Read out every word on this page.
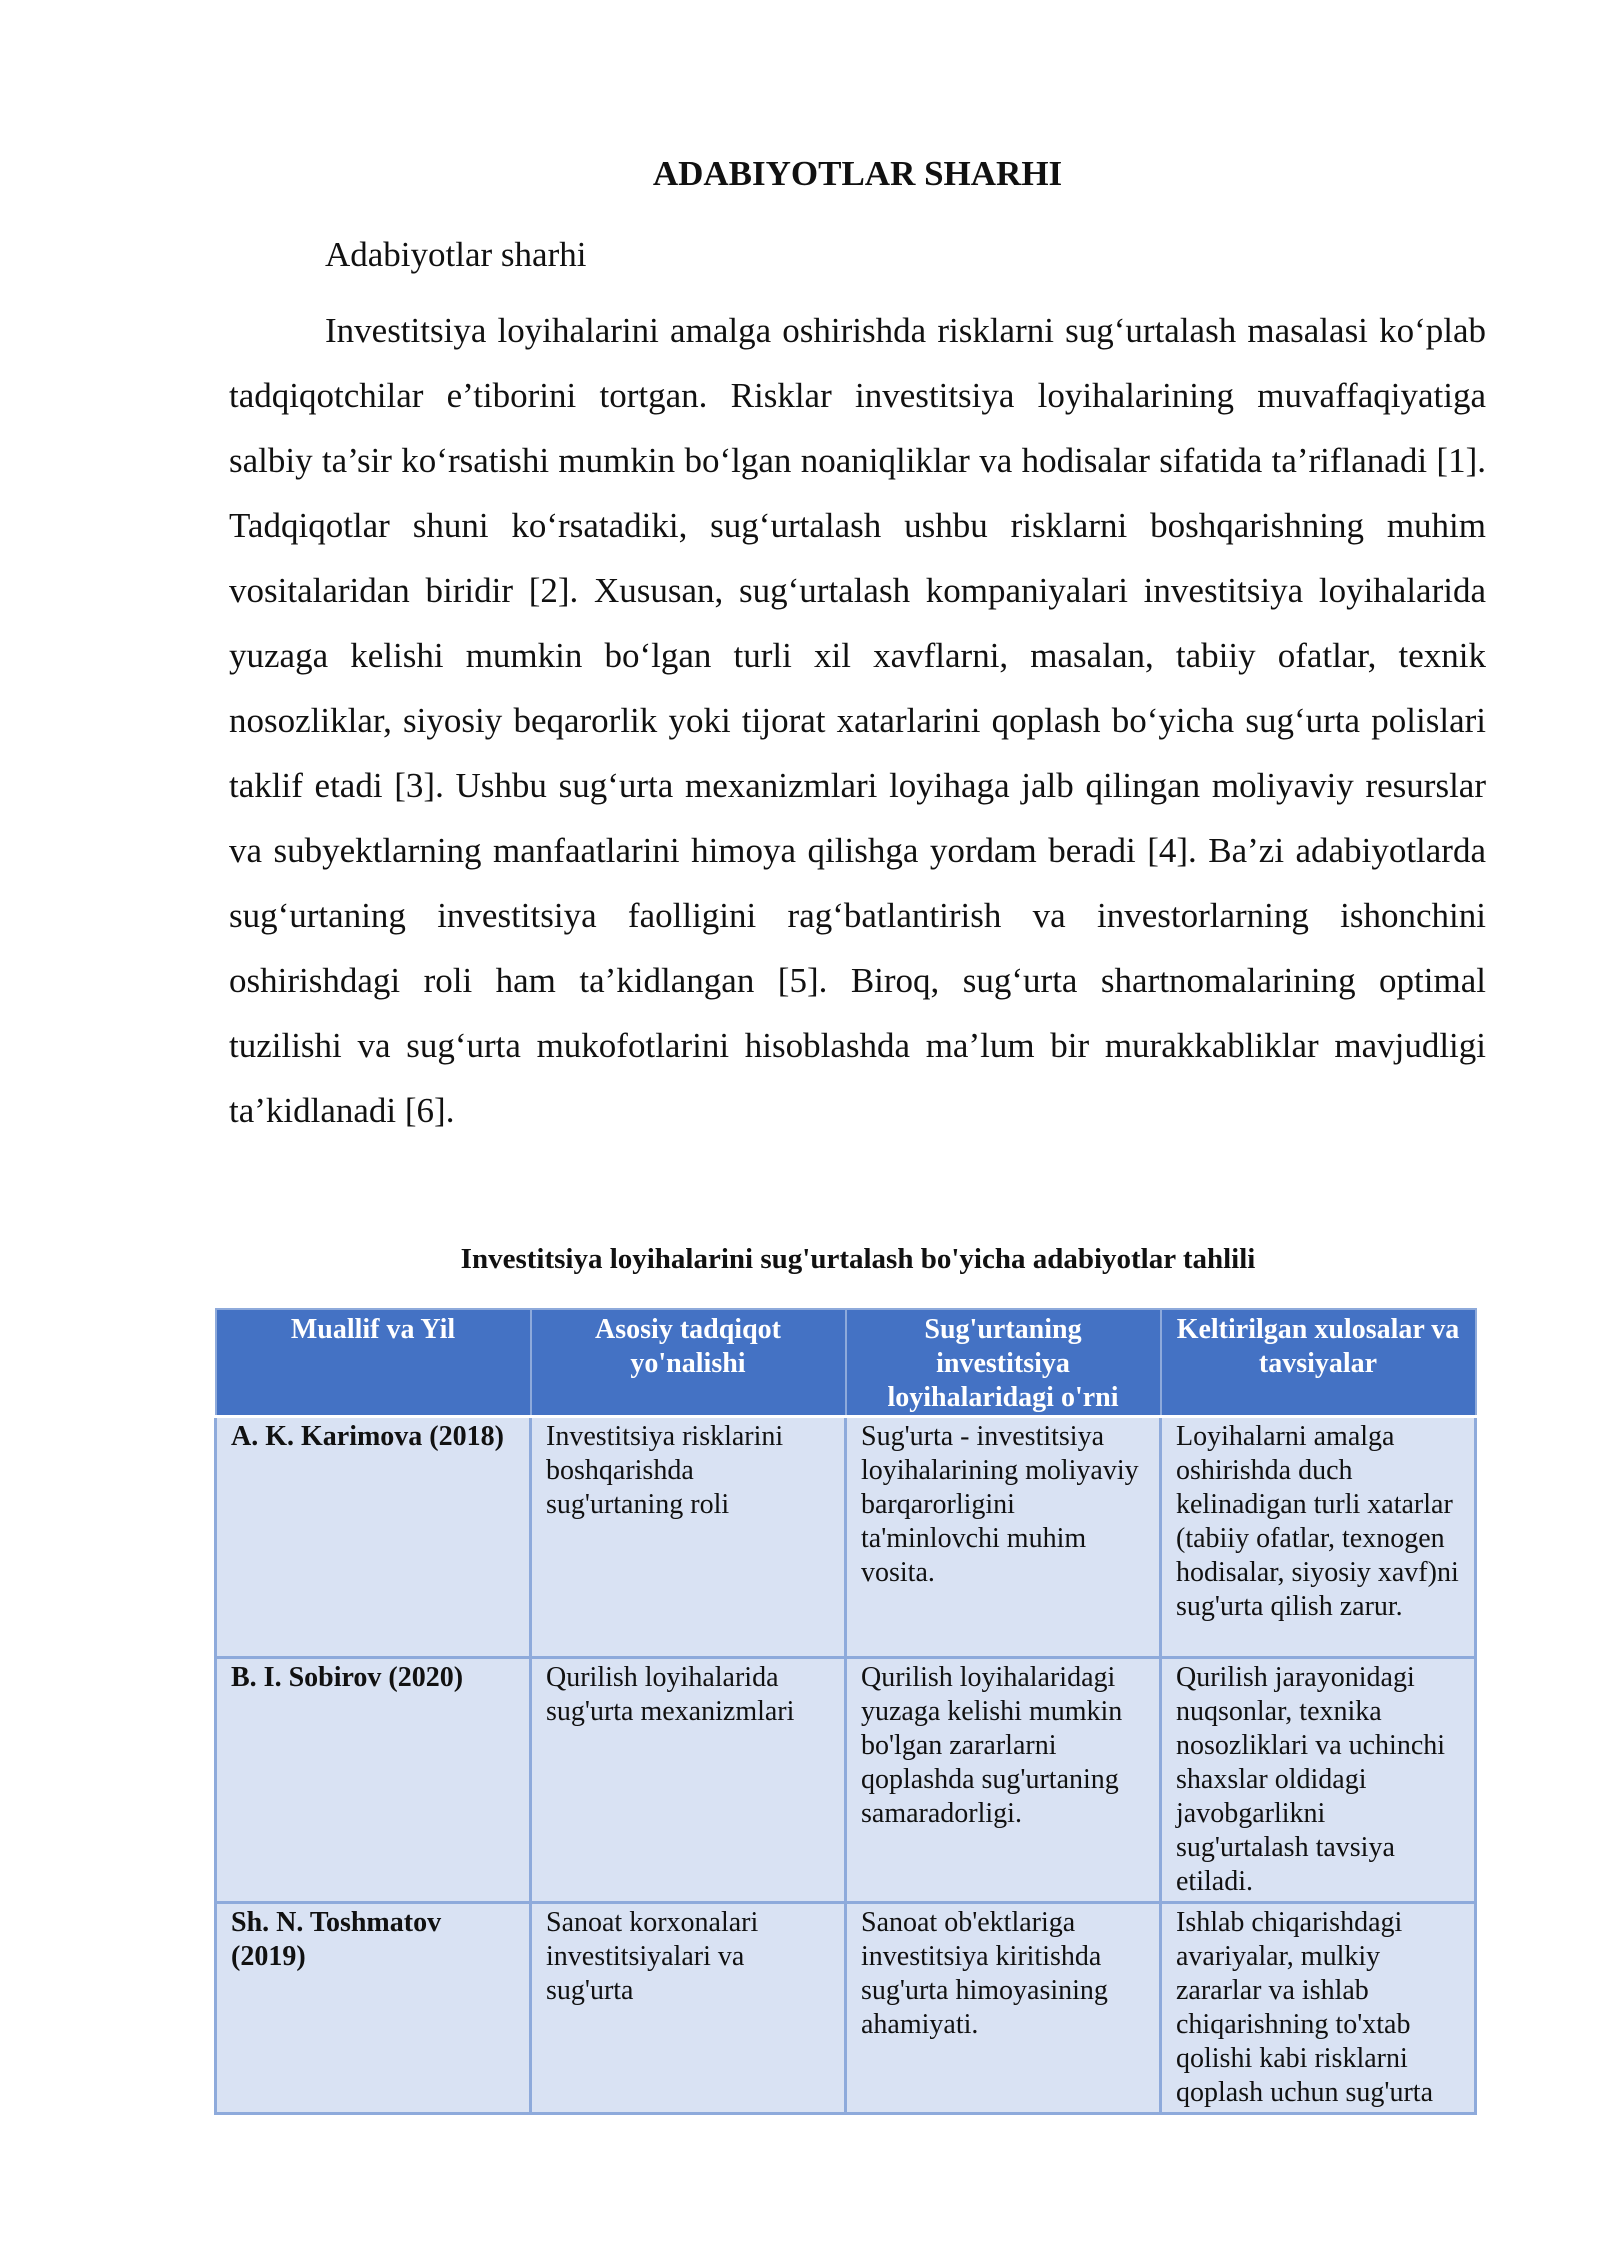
ADABIYOTLAR SHARHI

Adabiyotlar sharhi

Investitsiya loyihalarini amalga oshirishda risklarni sug‘urtalash masalasi ko‘plab tadqiqotchilar e’tiborini tortgan. Risklar investitsiya loyihalarining muvaffaqiyatiga salbiy ta’sir ko‘rsatishi mumkin bo‘lgan noaniqliklar va hodisalar sifatida ta’riflanadi [1]. Tadqiqotlar shuni ko‘rsatadiki, sug‘urtalash ushbu risklarni boshqarishning muhim vositalaridan biridir [2]. Xususan, sug‘urtalash kompaniyalari investitsiya loyihalarida yuzaga kelishi mumkin bo‘lgan turli xil xavflarni, masalan, tabiiy ofatlar, texnik nosozliklar, siyosiy beqarorlik yoki tijorat xatarlarini qoplash bo‘yicha sug‘urta polislari taklif etadi [3]. Ushbu sug‘urta mexanizmlari loyihaga jalb qilingan moliyaviy resurslar va subyektlarning manfaatlarini himoya qilishga yordam beradi [4]. Ba’zi adabiyotlarda sug‘urtaning investitsiya faolligini rag‘batlantirish va investorlarning ishonchini oshirishdagi roli ham ta’kidlangan [5]. Biroq, sug‘urta shartnomalarining optimal tuzilishi va sug‘urta mukofotlarini hisoblashda ma’lum bir murakkabliklar mavjudligi ta’kidlanadi [6].

Investitsiya loyihalarini sug'urtalash bo'yicha adabiyotlar tahlili

Muallif va Yil	Asosiy tadqiqot yo'nalishi	Sug'urtaning investitsiya loyihalaridagi o'rni	Keltirilgan xulosalar va tavsiyalar
A. K. Karimova (2018)	Investitsiya risklarini boshqarishda sug'urtaning roli	Sug'urta - investitsiya loyihalarining moliyaviy barqarorligini ta'minlovchi muhim vosita.	Loyihalarni amalga oshirishda duch kelinadigan turli xatarlar (tabiiy ofatlar, texnogen hodisalar, siyosiy xavf)ni sug'urta qilish zarur.
B. I. Sobirov (2020)	Qurilish loyihalarida sug'urta mexanizmlari	Qurilish loyihalaridagi yuzaga kelishi mumkin bo'lgan zararlarni qoplashda sug'urtaning samaradorligi.	Qurilish jarayonidagi nuqsonlar, texnika nosozliklari va uchinchi shaxslar oldidagi javobgarlikni sug'urtalash tavsiya etiladi.
Sh. N. Toshmatov (2019)	Sanoat korxonalari investitsiyalari va sug'urta	Sanoat ob'ektlariga investitsiya kiritishda sug'urta himoyasining ahamiyati.	Ishlab chiqarishdagi avariyalar, mulkiy zararlar va ishlab chiqarishning to'xtab qolishi kabi risklarni qoplash uchun sug'urta
